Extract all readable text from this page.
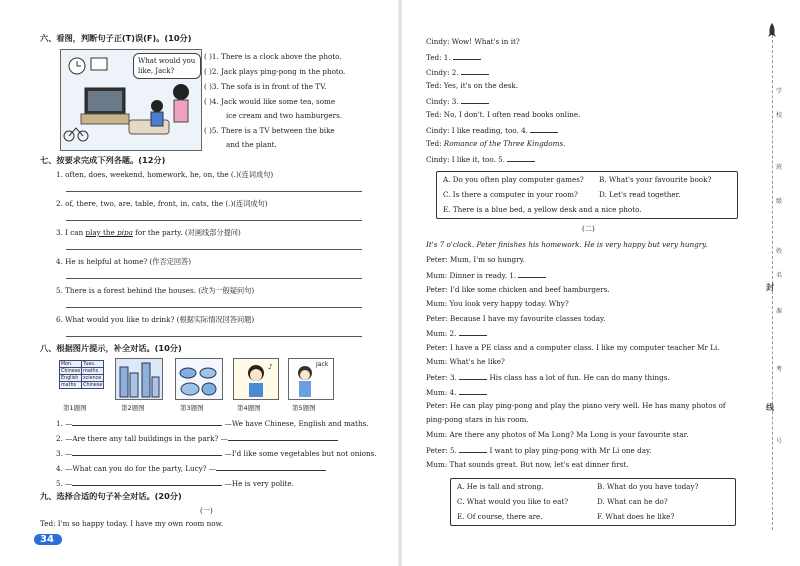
六、看图，判断句子正(T)误(F)。(10分)
What would you like, Jack?
( )1. There is a clock above the photo.
( )2. Jack plays ping-pong in the photo.
( )3. The sofa is in front of the TV.
( )4. Jack would like some tea, some
ice cream and two hamburgers.
( )5. There is a TV between the bike
and the plant.
七、按要求完成下列各题。(12分)
1. often, does, weekend, homework, he, on, the (.)(连词成句)
2. of, there, two, are, table, front, in, cats, the (.)(连词成句)
3. I can play the pipa for the party. (对画线部分提问)
4. He is helpful at home? (作否定回答)
5. There is a forest behind the houses. (改为一般疑问句)
6. What would you like to drink? (根据实际情况回答问题)
八、根据图片提示，补全对话。(10分)
Mon.	Tues.
Chinese	maths
English	science
maths	Chinese
♪	Jack
第1题图	第2题图	第3题图	第4题图	第5题图
1. —	—We have Chinese, English and maths.
2. —Are there any tall buildings in the park? —
3. —	—I'd like some vegetables but not onions.
4. —What can you do for the party, Lucy? —
5. —	—He is very polite.
九、选择合适的句子补全对话。(20分)
(一)
Ted: I'm so happy today. I have my own room now.
34
Cindy: Wow! What's in it?
Ted: 1.
Cindy: 2.
Ted: Yes, it's on the desk.
Cindy: 3.
Ted: No, I don't. I often read books online.
Cindy: I like reading, too. 4.
Ted: Romance of the Three Kingdoms.
Cindy: I like it, too. 5.
A. Do you often play computer games? B. What's your favourite book?
C. Is there a computer in your room?	D. Let's read together.
E. There is a blue bed, a yellow desk and a nice photo.
(二)
It's 7 o'clock. Peter finishes his homework. He is very happy but very hungry.
Peter: Mum, I'm so hungry.
Mum: Dinner is ready. 1.
Peter: I'd like some chicken and beef hamburgers.
Mum: You look very happy today. Why?
Peter: Because I have my favourite classes today.
Mum: 2.
Peter: I have a PE class and a computer class. I like my computer teacher Mr Li.
Mum: What's he like?
Peter: 3.	His class has a lot of fun. He can do many things.
Mum: 4.
Peter: He can play ping-pong and play the piano very well. He has many photos of
ping-pong stars in his room.
Mum: Are there any photos of Ma Long? Ma Long is your favourite star.
Peter: 5.	I want to play ping-pong with Mr Li one day.
Mum: That sounds great. But now, let's eat dinner first.
A. He is tall and strong.	B. What do you have today?
C. What would you like to eat?	D. What can he do?
E. Of course, there are.	F. What does he like?
学
校
班
级
姓
名
封
准
考
线
号
